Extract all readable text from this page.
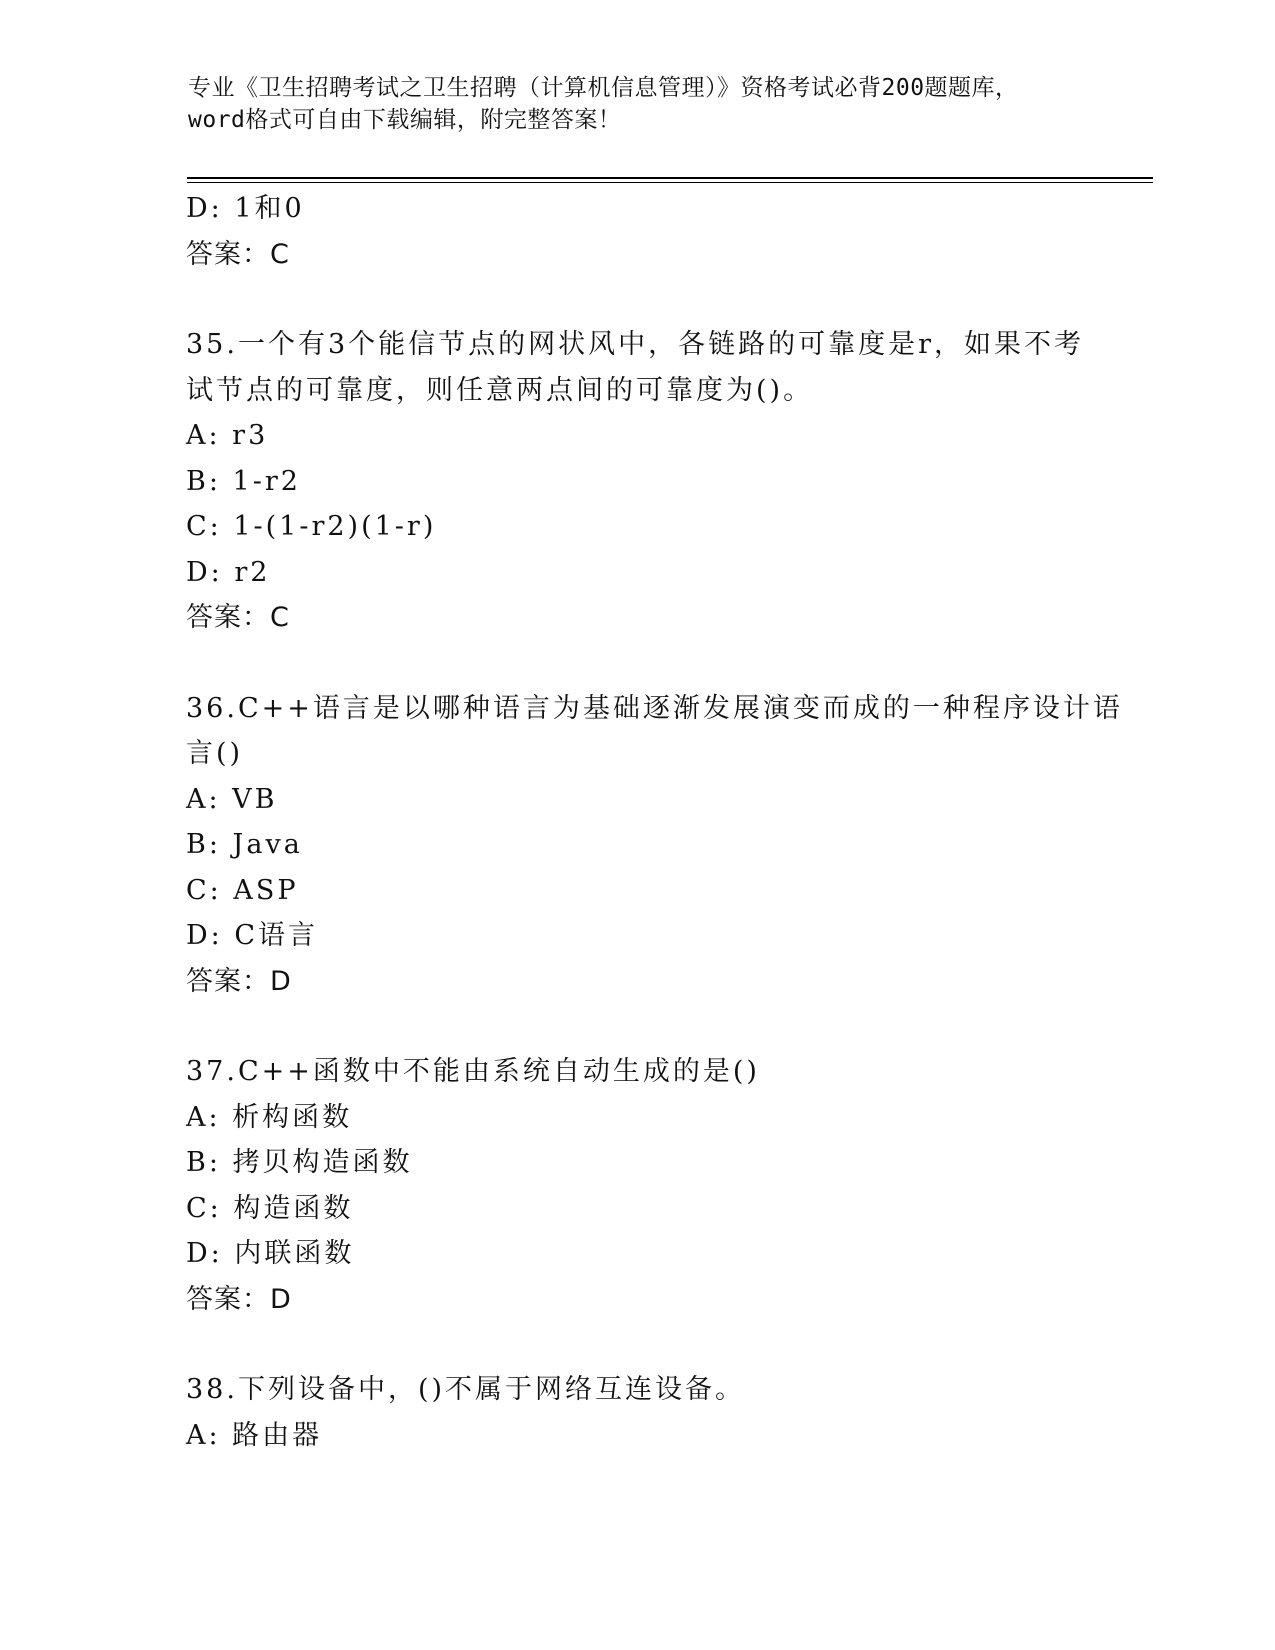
专业《卫生招聘考试之卫生招聘（计算机信息管理）》资格考试必背200题题库，
word格式可自由下载编辑，附完整答案！
D: 1和0
答案：C
35.一个有3个能信节点的网状风中，各链路的可靠度是r，如果不考
试节点的可靠度，则任意两点间的可靠度为()。
A: r3
B: 1-r2
C: 1-(1-r2)(1-r)
D: r2
答案：C
36.C++语言是以哪种语言为基础逐渐发展演变而成的一种程序设计语
言()
A: VB
B: Java
C: ASP
D: C语言
答案：D
37.C++函数中不能由系统自动生成的是()
A: 析构函数
B: 拷贝构造函数
C: 构造函数
D: 内联函数
答案：D
38.下列设备中，()不属于网络互连设备。
A: 路由器
